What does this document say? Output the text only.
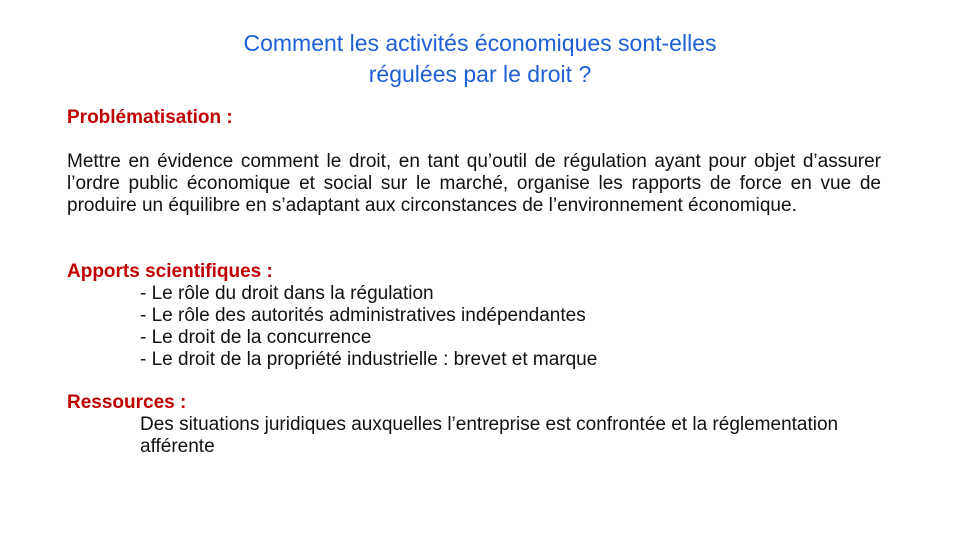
Comment les activités économiques sont-elles
régulées par le droit ?
Problématisation :
Mettre en évidence comment le droit, en tant qu’outil de régulation ayant pour objet d’assurer l’ordre public économique et social sur le marché, organise les rapports de force en vue de produire un équilibre en s’adaptant aux circonstances de l’environnement économique.
Apports scientifiques :
- Le rôle du droit dans la régulation
- Le rôle des autorités administratives indépendantes
- Le droit de la concurrence
- Le droit de la propriété industrielle : brevet et marque
Ressources :
Des situations juridiques auxquelles l’entreprise est confrontée et la réglementation afférente
